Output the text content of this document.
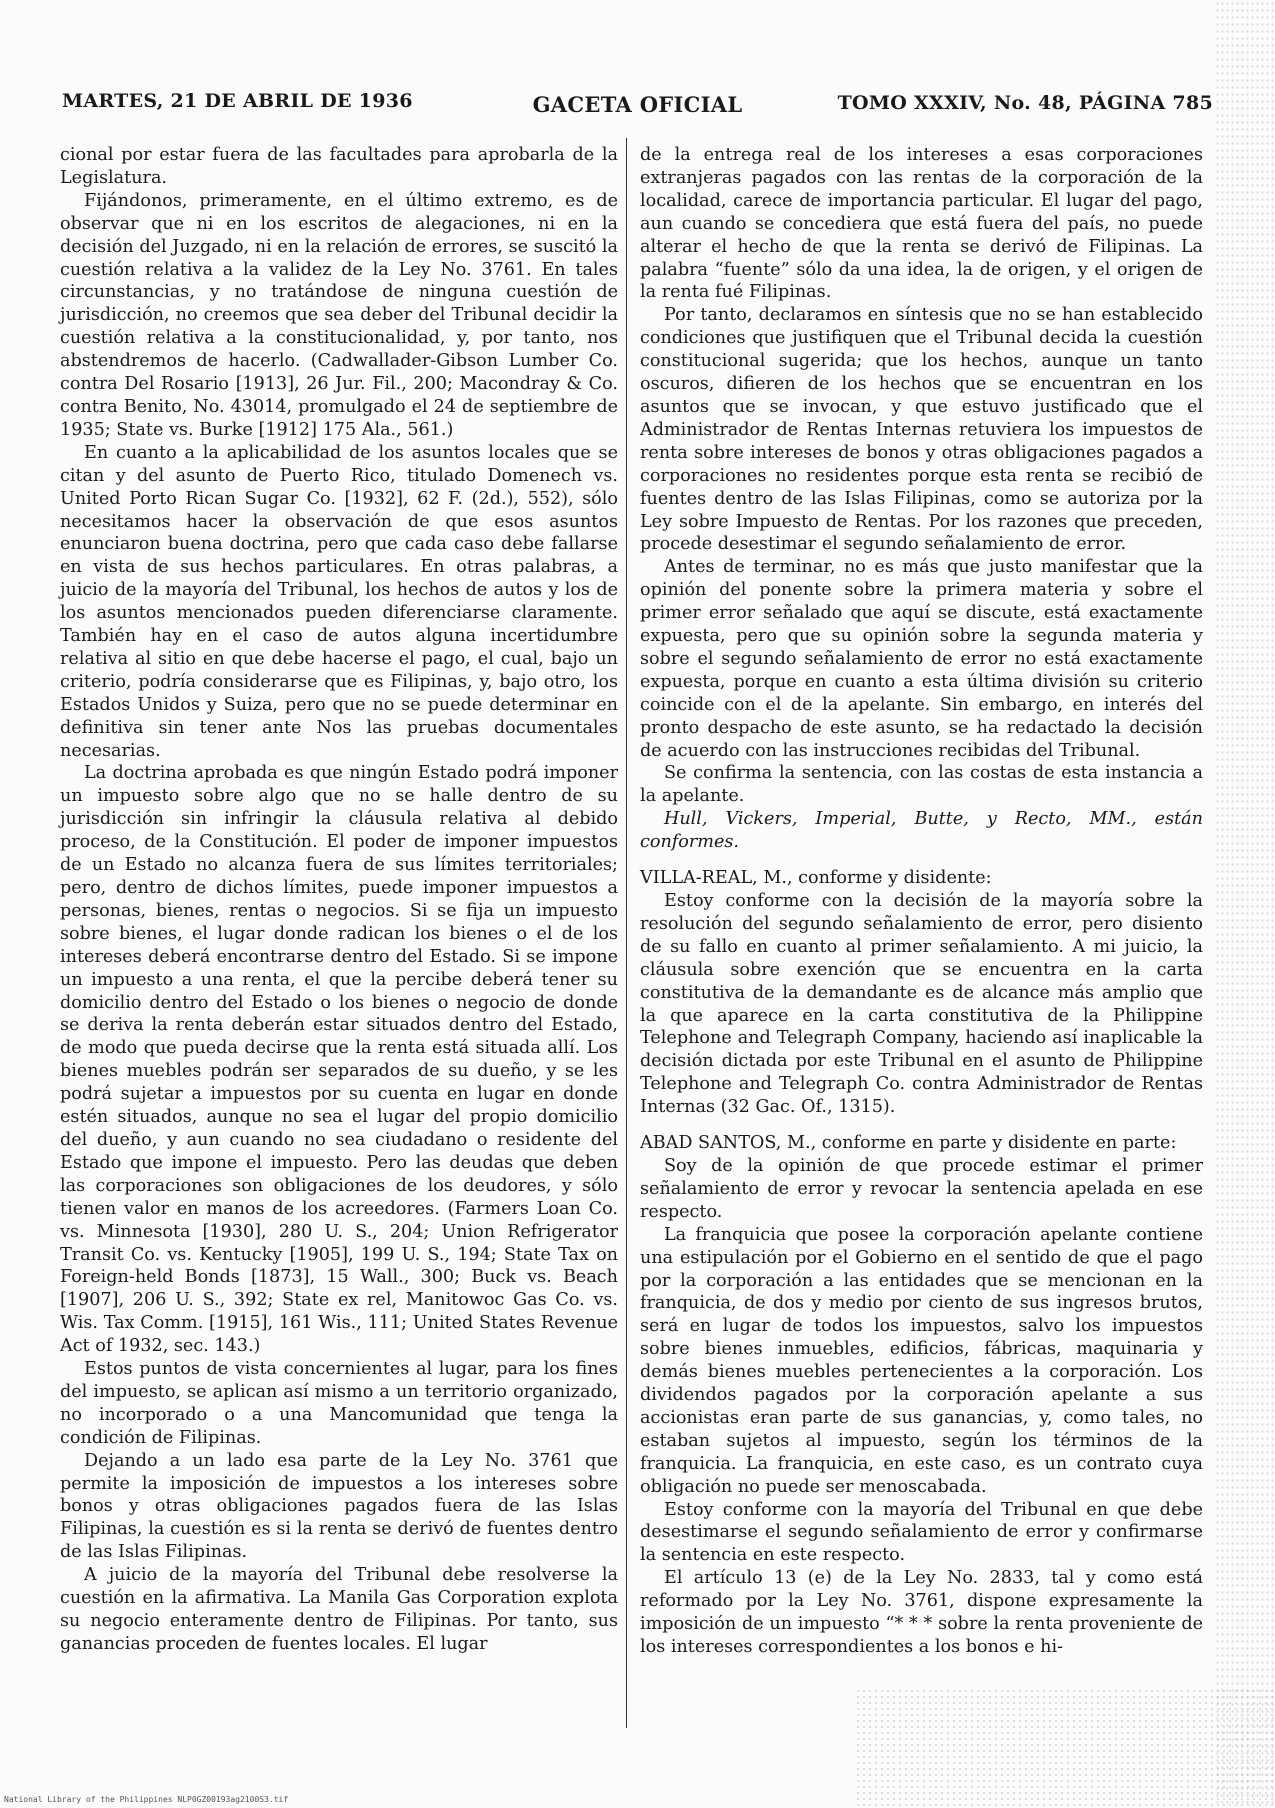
MARTES, 21 DE ABRIL DE 1936	GACETA OFICIAL	TOMO XXXIV, No. 48, PÁGINA 785

cional por estar fuera de las facultades para aprobarla de la Legislatura.

Fijándonos, primeramente, en el último extremo, es de observar que ni en los escritos de alegaciones, ni en la decisión del Juzgado, ni en la relación de errores, se suscitó la cuestión relativa a la validez de la Ley No. 3761. En tales circunstancias, y no tratándose de ninguna cuestión de jurisdicción, no creemos que sea deber del Tribunal decidir la cuestión relativa a la constitucionalidad, y, por tanto, nos abstendremos de hacerlo. (Cadwallader-Gibson Lumber Co. contra Del Rosario [1913], 26 Jur. Fil., 200; Macondray & Co. contra Benito, No. 43014, promulgado el 24 de septiembre de 1935; State vs. Burke [1912] 175 Ala., 561.)

En cuanto a la aplicabilidad de los asuntos locales que se citan y del asunto de Puerto Rico, titulado Domenech vs. United Porto Rican Sugar Co. [1932], 62 F. (2d.), 552), sólo necesitamos hacer la observación de que esos asuntos enunciaron buena doctrina, pero que cada caso debe fallarse en vista de sus hechos particulares. En otras palabras, a juicio de la mayoría del Tribunal, los hechos de autos y los de los asuntos mencionados pueden diferenciarse claramente. También hay en el caso de autos alguna incertidumbre relativa al sitio en que debe hacerse el pago, el cual, bajo un criterio, podría considerarse que es Filipinas, y, bajo otro, los Estados Unidos y Suiza, pero que no se puede determinar en definitiva sin tener ante Nos las pruebas documentales necesarias.

La doctrina aprobada es que ningún Estado podrá imponer un impuesto sobre algo que no se halle dentro de su jurisdicción sin infringir la cláusula relativa al debido proceso, de la Constitución. El poder de imponer impuestos de un Estado no alcanza fuera de sus límites territoriales; pero, dentro de dichos límites, puede imponer impuestos a personas, bienes, rentas o negocios. Si se fija un impuesto sobre bienes, el lugar donde radican los bienes o el de los intereses deberá encontrarse dentro del Estado. Si se impone un impuesto a una renta, el que la percibe deberá tener su domicilio dentro del Estado o los bienes o negocio de donde se deriva la renta deberán estar situados dentro del Estado, de modo que pueda decirse que la renta está situada allí. Los bienes muebles podrán ser separados de su dueño, y se les podrá sujetar a impuestos por su cuenta en lugar en donde estén situados, aunque no sea el lugar del propio domicilio del dueño, y aun cuando no sea ciudadano o residente del Estado que impone el impuesto. Pero las deudas que deben las corporaciones son obligaciones de los deudores, y sólo tienen valor en manos de los acreedores. (Farmers Loan Co. vs. Minnesota [1930], 280 U. S., 204; Union Refrigerator Transit Co. vs. Kentucky [1905], 199 U. S., 194; State Tax on Foreign-held Bonds [1873], 15 Wall., 300; Buck vs. Beach [1907], 206 U. S., 392; State ex rel, Manitowoc Gas Co. vs. Wis. Tax Comm. [1915], 161 Wis., 111; United States Revenue Act of 1932, sec. 143.)

Estos puntos de vista concernientes al lugar, para los fines del impuesto, se aplican así mismo a un territorio organizado, no incorporado o a una Mancomunidad que tenga la condición de Filipinas.

Dejando a un lado esa parte de la Ley No. 3761 que permite la imposición de impuestos a los intereses sobre bonos y otras obligaciones pagados fuera de las Islas Filipinas, la cuestión es si la renta se derivó de fuentes dentro de las Islas Filipinas.

A juicio de la mayoría del Tribunal debe resolverse la cuestión en la afirmativa. La Manila Gas Corporation explota su negocio enteramente dentro de Filipinas. Por tanto, sus ganancias proceden de fuentes locales. El lugar

de la entrega real de los intereses a esas corporaciones extranjeras pagados con las rentas de la corporación de la localidad, carece de importancia particular. El lugar del pago, aun cuando se concediera que está fuera del país, no puede alterar el hecho de que la renta se derivó de Filipinas. La palabra “fuente” sólo da una idea, la de origen, y el origen de la renta fué Filipinas.

Por tanto, declaramos en síntesis que no se han establecido condiciones que justifiquen que el Tribunal decida la cuestión constitucional sugerida; que los hechos, aunque un tanto oscuros, difieren de los hechos que se encuentran en los asuntos que se invocan, y que estuvo justificado que el Administrador de Rentas Internas retuviera los impuestos de renta sobre intereses de bonos y otras obligaciones pagados a corporaciones no residentes porque esta renta se recibió de fuentes dentro de las Islas Filipinas, como se autoriza por la Ley sobre Impuesto de Rentas. Por los razones que preceden, procede desestimar el segundo señalamiento de error.

Antes de terminar, no es más que justo manifestar que la opinión del ponente sobre la primera materia y sobre el primer error señalado que aquí se discute, está exactamente expuesta, pero que su opinión sobre la segunda materia y sobre el segundo señalamiento de error no está exactamente expuesta, porque en cuanto a esta última división su criterio coincide con el de la apelante. Sin embargo, en interés del pronto despacho de este asunto, se ha redactado la decisión de acuerdo con las instrucciones recibidas del Tribunal.

Se confirma la sentencia, con las costas de esta instancia a la apelante.

Hull, Vickers, Imperial, Butte, y Recto, MM., están conformes.

VILLA-REAL, M., conforme y disidente:

Estoy conforme con la decisión de la mayoría sobre la resolución del segundo señalamiento de error, pero disiento de su fallo en cuanto al primer señalamiento. A mi juicio, la cláusula sobre exención que se encuentra en la carta constitutiva de la demandante es de alcance más amplio que la que aparece en la carta constitutiva de la Philippine Telephone and Telegraph Company, haciendo así inaplicable la decisión dictada por este Tribunal en el asunto de Philippine Telephone and Telegraph Co. contra Administrador de Rentas Internas (32 Gac. Of., 1315).

ABAD SANTOS, M., conforme en parte y disidente en parte:

Soy de la opinión de que procede estimar el primer señalamiento de error y revocar la sentencia apelada en ese respecto.

La franquicia que posee la corporación apelante contiene una estipulación por el Gobierno en el sentido de que el pago por la corporación a las entidades que se mencionan en la franquicia, de dos y medio por ciento de sus ingresos brutos, será en lugar de todos los impuestos, salvo los impuestos sobre bienes inmuebles, edificios, fábricas, maquinaria y demás bienes muebles pertenecientes a la corporación. Los dividendos pagados por la corporación apelante a sus accionistas eran parte de sus ganancias, y, como tales, no estaban sujetos al impuesto, según los términos de la franquicia. La franquicia, en este caso, es un contrato cuya obligación no puede ser menoscabada.

Estoy conforme con la mayoría del Tribunal en que debe desestimarse el segundo señalamiento de error y confirmarse la sentencia en este respecto.

El artículo 13 (e) de la Ley No. 2833, tal y como está reformado por la Ley No. 3761, dispone expresamente la imposición de un impuesto “* * * sobre la renta proveniente de los intereses correspondientes a los bonos e hi-

National Library of the Philippines NLP0GZ00193ag2100S3.tif
